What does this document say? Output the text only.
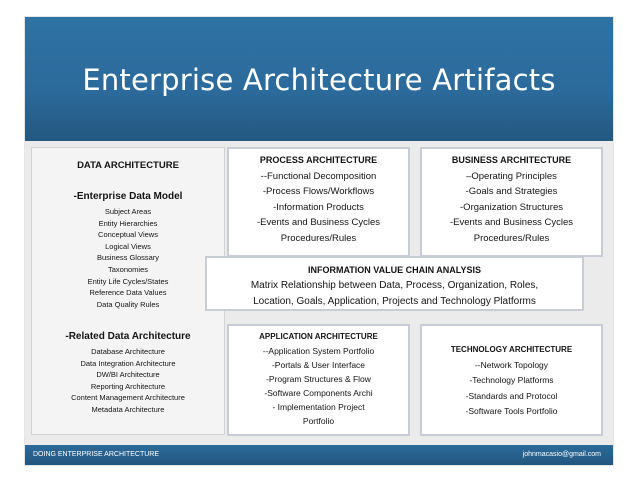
Enterprise Architecture Artifacts
DATA ARCHITECTURE
-Enterprise Data Model
Subject Areas
Entity Hierarchies
Conceptual Views
Logical Views
Business Glossary
Taxonomies
Entity Life Cycles/States
Reference Data Values
Data Quality Rules
-Related Data Architecture
Database Architecture
Data Integration Architecture
DW/BI Architecture
Reporting Architecture
Content Management Architecture
Metadata Architecture
PROCESS ARCHITECTURE
--Functional Decomposition
-Process Flows/Workflows
-Information Products
-Events and Business Cycles
Procedures/Rules
BUSINESS ARCHITECTURE
–Operating Principles
-Goals and Strategies
-Organization Structures
-Events and Business Cycles
Procedures/Rules
INFORMATION VALUE CHAIN ANALYSIS
Matrix Relationship between Data, Process, Organization, Roles,
Location, Goals, Application, Projects and Technology Platforms
APPLICATION ARCHITECTURE
--Application System Portfolio
-Portals & User Interface
-Program Structures & Flow
-Software Components Archi
- Implementation Project
Portfolio
TECHNOLOGY ARCHITECTURE
--Network Topology
-Technology Platforms
-Standards and Protocol
-Software Tools Portfolio
DOING ENTERPRISE ARCHITECTURE	johnmacasio@gmail.com
